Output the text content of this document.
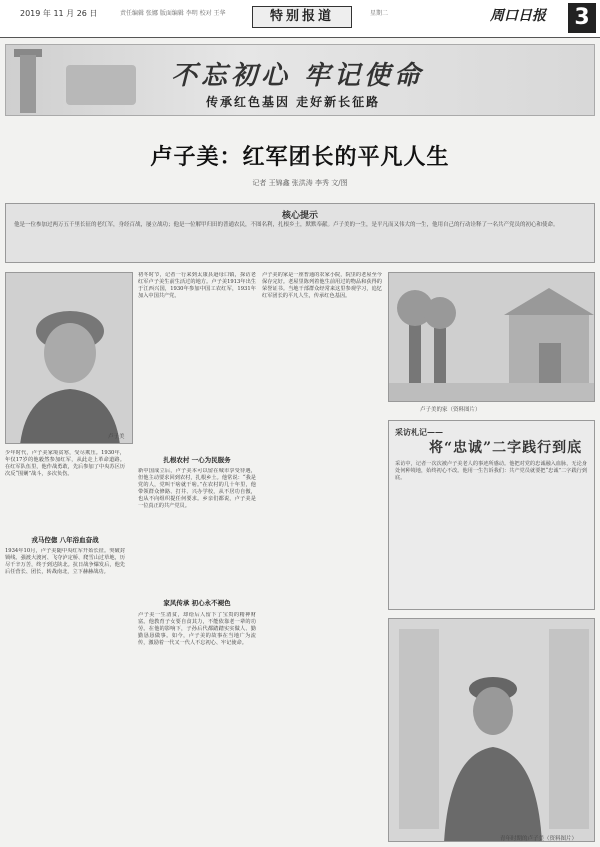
2019 年 11 月 26 日	责任编辑 张娜 版面编辑 李明 校对 王华	特别报道	星期二	周口日报 3
不忘初心 牢记使命
传承红色基因 走好新长征路
卢子美：红军团长的平凡人生
记者 王锦鑫 张洪涛 李秀 文/图
核心提示
他是一位参加过两万五千里长征的老红军，身经百战，屡立战功；他是一位解甲归田的普通农民，不图名利，扎根乡土，默默奉献。卢子美的一生，是平凡而又伟大的一生，他用自己的行动诠释了一名共产党员的初心和使命。
卢子美
初冬时节，记者一行来到太康县逊母口镇，探访老红军卢子美生前生活过的地方。卢子美1913年出生于江西兴国，1930年参加中国工农红军，1931年加入中国共产党。
少年时代，卢子美家境贫寒，受尽欺压。1930年，年仅17岁的他毅然参加红军，从此走上革命道路。在红军队伍里，他作战勇敢，先后参加了中央苏区历次反“围剿”战斗，多次负伤。
戎马倥偬 八年浴血奋战
1934年10月，卢子美随中央红军开始长征。突破封锁线、强渡大渡河、飞夺泸定桥、爬雪山过草地，历尽千辛万苦，终于到达陕北。抗日战争爆发后，他先后任营长、团长，转战南北，立下赫赫战功。
扎根农村 一心为民服务
新中国成立后，卢子美本可以留在城市享受待遇，但他主动要求回到农村，扎根乡土。他常说：“我是党的人，党叫干啥就干啥。”在农村的几十年里，他带领群众修路、打井、兴办学校，从不居功自傲，也从不向组织提任何要求。乡亲们都说，卢子美是一位真正的共产党员。
家风传承 初心永不褪色
卢子美一生清贫，却给后人留下了宝贵的精神财富。他教育子女要自食其力，不能依靠老一辈的功劳。在他的影响下，子孙后代都踏踏实实做人、勤勤恳恳做事。如今，卢子美的故事在当地广为流传，激励着一代又一代人不忘初心、牢记使命。
卢子美的家是一座普通的农家小院，院里的老屋至今保存完好。老屋里陈列着他生前用过的物品和获得的荣誉证书。当地干部群众经常来这里参观学习，追忆红军团长的平凡人生，传承红色基因。
卢子美的家（资料图片）
采访札记——
将“忠诚”二字践行到底
采访中，记者一次次被卢子美老人的事迹所感动。他把对党的忠诚融入血脉，无论身处何种境地，始终初心不改。他用一生告诉我们：共产党员就要把“忠诚”二字践行到底。
青年时期的卢子美（资料图片）
